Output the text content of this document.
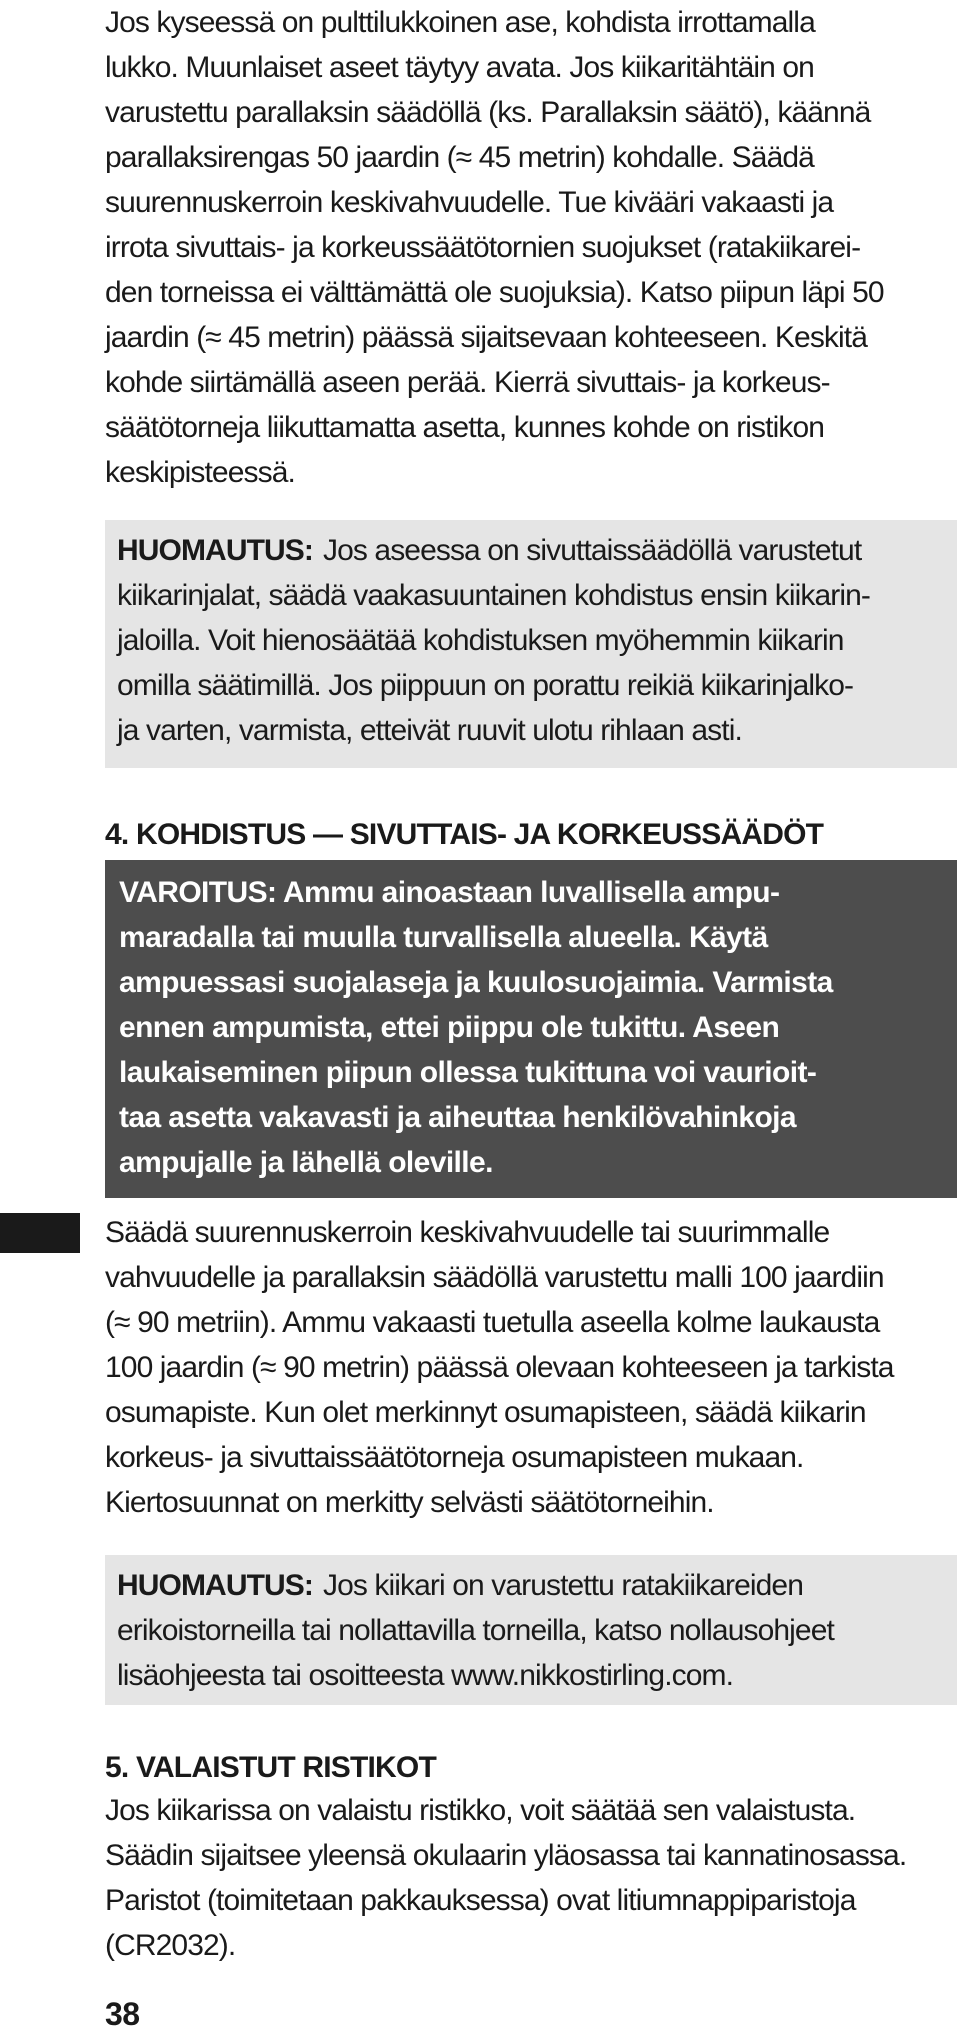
Jos kyseessä on pulttilukkoinen ase, kohdista irrottamalla
lukko. Muunlaiset aseet täytyy avata. Jos kiikaritähtäin on
varustettu parallaksin säädöllä (ks. Parallaksin säätö), käännä
parallaksirengas 50 jaardin (≈ 45 metrin) kohdalle. Säädä
suurennuskerroin keskivahvuudelle. Tue kivääri vakaasti ja
irrota sivuttais- ja korkeussäätötornien suojukset (ratakiikarei-
den torneissa ei välttämättä ole suojuksia). Katso piipun läpi 50
jaardin (≈ 45 metrin) päässä sijaitsevaan kohteeseen. Keskitä
kohde siirtämällä aseen perää. Kierrä sivuttais- ja korkeus-
säätötorneja liikuttamatta asetta, kunnes kohde on ristikon
keskipisteessä.

HUOMAUTUS: Jos aseessa on sivuttaissäädöllä varustetut
kiikarinjalat, säädä vaakasuuntainen kohdistus ensin kiikarin-
jaloilla. Voit hienosäätää kohdistuksen myöhemmin kiikarin
omilla säätimillä. Jos piippuun on porattu reikiä kiikarinjalko-
ja varten, varmista, etteivät ruuvit ulotu rihlaan asti.

4. KOHDISTUS — SIVUTTAIS- JA KORKEUSSÄÄDÖT

VAROITUS: Ammu ainoastaan luvallisella ampu-
maradalla tai muulla turvallisella alueella. Käytä
ampuessasi suojalaseja ja kuulosuojaimia. Varmista
ennen ampumista, ettei piippu ole tukittu. Aseen
laukaiseminen piipun ollessa tukittuna voi vaurioit-
taa asetta vakavasti ja aiheuttaa henkilövahinkoja
ampujalle ja lähellä oleville.

Säädä suurennuskerroin keskivahvuudelle tai suurimmalle
vahvuudelle ja parallaksin säädöllä varustettu malli 100 jaardiin
(≈ 90 metriin). Ammu vakaasti tuetulla aseella kolme laukausta
100 jaardin (≈ 90 metrin) päässä olevaan kohteeseen ja tarkista
osumapiste. Kun olet merkinnyt osumapisteen, säädä kiikarin
korkeus- ja sivuttaissäätötorneja osumapisteen mukaan.
Kiertosuunnat on merkitty selvästi säätötorneihin.

HUOMAUTUS: Jos kiikari on varustettu ratakiikareiden
erikoistorneilla tai nollattavilla torneilla, katso nollausohjeet
lisäohjeesta tai osoitteesta www.nikkostirling.com.

5. VALAISTUT RISTIKOT

Jos kiikarissa on valaistu ristikko, voit säätää sen valaistusta.
Säädin sijaitsee yleensä okulaarin yläosassa tai kannatinosassa.
Paristot (toimitetaan pakkauksessa) ovat litiumnappiparistoja
(CR2032).

38
